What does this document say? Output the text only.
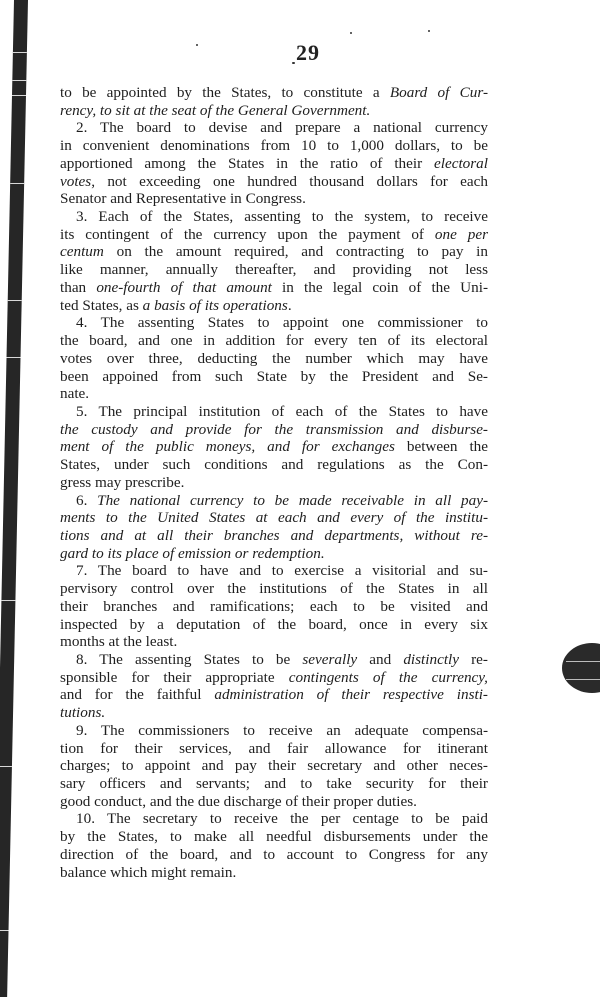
29
to be appointed by the States, to constitute a Board of Cur-
rency, to sit at the seat of the General Government.
2. The board to devise and prepare a national currency
in convenient denominations from 10 to 1,000 dollars, to be
apportioned among the States in the ratio of their electoral
votes, not exceeding one hundred thousand dollars for each
Senator and Representative in Congress.
3. Each of the States, assenting to the system, to receive
its contingent of the currency upon the payment of one per
centum on the amount required, and contracting to pay in
like manner, annually thereafter, and providing not less
than one-fourth of that amount in the legal coin of the Uni-
ted States, as a basis of its operations.
4. The assenting States to appoint one commissioner to
the board, and one in addition for every ten of its electoral
votes over three, deducting the number which may have
been appoined from such State by the President and Se-
nate.
5. The principal institution of each of the States to have
the custody and provide for the transmission and disburse-
ment of the public moneys, and for exchanges between the
States, under such conditions and regulations as the Con-
gress may prescribe.
6. The national currency to be made receivable in all pay-
ments to the United States at each and every of the institu-
tions and at all their branches and departments, without re-
gard to its place of emission or redemption.
7. The board to have and to exercise a visitorial and su-
pervisory control over the institutions of the States in all
their branches and ramifications; each to be visited and
inspected by a deputation of the board, once in every six
months at the least.
8. The assenting States to be severally and distinctly re-
sponsible for their appropriate contingents of the currency,
and for the faithful administration of their respective insti-
tutions.
9. The commissioners to receive an adequate compensa-
tion for their services, and fair allowance for itinerant
charges; to appoint and pay their secretary and other neces-
sary officers and servants; and to take security for their
good conduct, and the due discharge of their proper duties.
10. The secretary to receive the per centage to be paid
by the States, to make all needful disbursements under the
direction of the board, and to account to Congress for any
balance which might remain.
